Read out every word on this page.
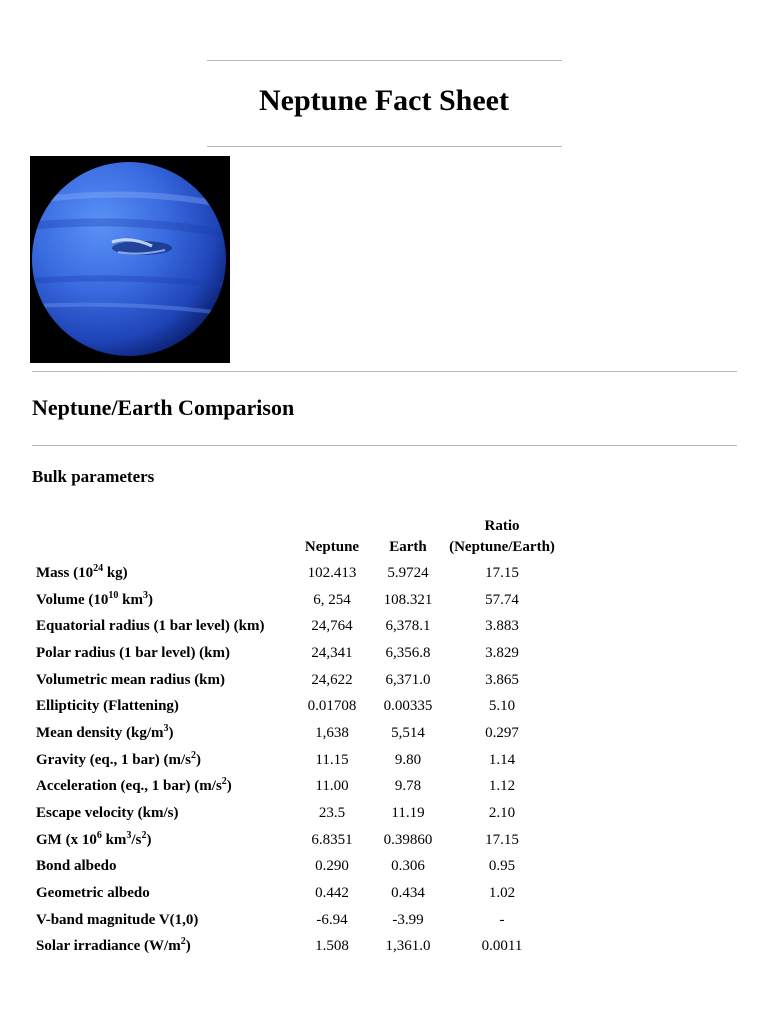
Neptune Fact Sheet
Neptune/Earth Comparison
Bulk parameters
	Neptune	Earth	Ratio
(Neptune/Earth)
Mass ($10^{24}$ kg)	102.413	5.9724	17.15
Volume ($10^{10}$ $km^3$)	6, 254	108.321	57.74
Equatorial radius (1 bar level) (km)	24,764	6,378.1	3.883
Polar radius (1 bar level) (km)	24,341	6,356.8	3.829
Volumetric mean radius (km)	24,622	6,371.0	3.865
Ellipticity (Flattening)	0.01708	0.00335	5.10
Mean density $(kg/m^3)$	1,638	5,514	0.297
Gravity (eq., 1 bar) $(m/s^2)$	11.15	9.80	1.14
Acceleration (eq., 1 bar) $(m/s^2)$	11.00	9.78	1.12
Escape velocity (km/s)	23.5	11.19	2.10
GM (x $10^6$ $km^3/s^2$)	6.8351	0.39860	17.15
Bond albedo	0.290	0.306	0.95
Geometric albedo	0.442	0.434	1.02
V-band magnitude V(1,0)	-6.94	-3.99	-
Solar irradiance $(W/m^2)$	1.508	1,361.0	0.0011
